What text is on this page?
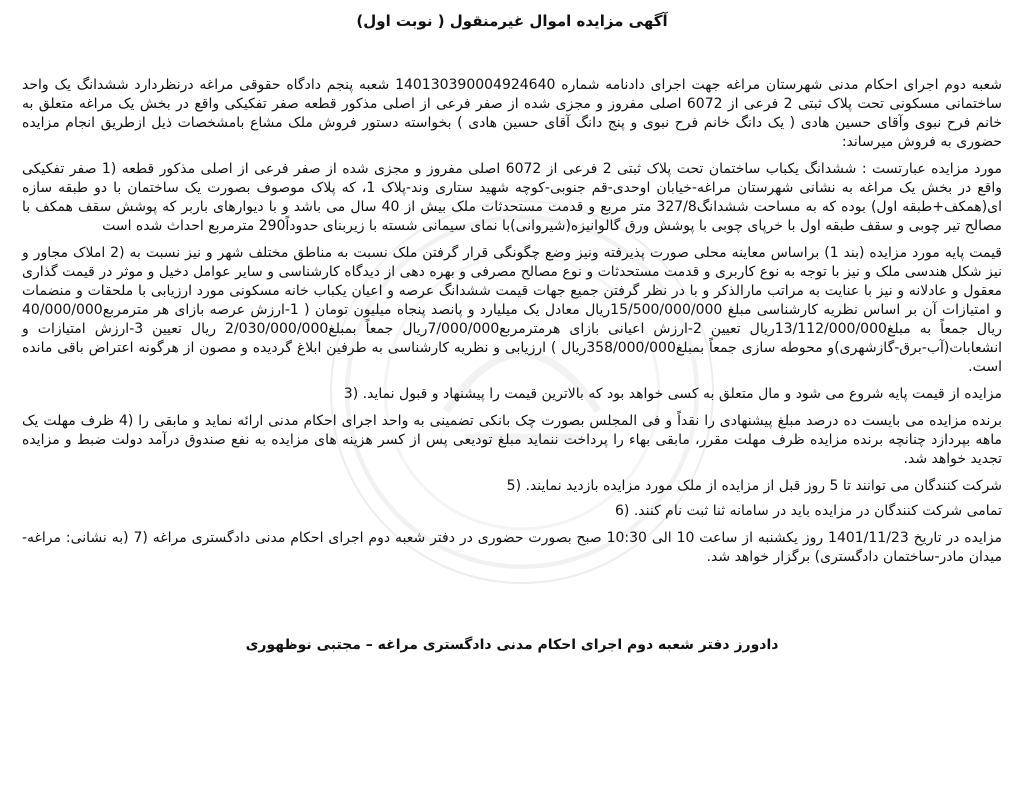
آگهی مزایده اموال غیرمنقول ( نوبت اول)

شعبه دوم اجرای احکام مدنی شهرستان مراغه جهت اجرای دادنامه شماره 140130390004924640 شعبه پنجم دادگاه حقوقی مراغه درنظردارد ششدانگ یک واحد ساختمانی مسکونی تحت پلاک ثبتی 2 فرعی از 6072 اصلی مفروز و مجزی شده از صفر فرعی از اصلی مذکور قطعه صفر تفکیکی واقع در بخش یک مراغه متعلق به خانم فرح نبوی وآقای حسین هادی ( یک دانگ خانم فرح نبوی و پنج دانگ آقای حسین هادی ) بخواسته دستور فروش ملک مشاع بامشخصات ذیل ازطریق انجام مزایده حضوری به فروش میرساند:

مورد مزایده عبارتست : ششدانگ یکباب ساختمان تحت پلاک ثبتی 2 فرعی از 6072 اصلی مفروز و مجزی شده از صفر فرعی از اصلی مذکور قطعه (1 صفر تفکیکی واقع در بخش یک مراغه به نشانی شهرستان مراغه-خیابان اوحدی-قم جنوبی-کوچه شهید ستاری وند-پلاک 1، که پلاک موصوف بصورت یک ساختمان با دو طبقه سازه ای(همکف+طبقه اول) بوده که به مساحت ششدانگ327/8 متر مربع و قدمت مستحدثات ملک بیش از 40 سال می باشد و با دیوارهای باربر که پوشش سقف همکف با مصالح تیر چوبی و سقف طبقه اول با خرپای چوبی با پوشش ورق گالوانیزه(شیروانی)با نمای سیمانی شسته با زیربنای حدوداً290 مترمربع احداث شده است

قیمت پایه مورد مزایده (بند 1) براساس معاینه محلی صورت پذیرفته ونیز وضع چگونگی قرار گرفتن ملک نسبت به مناطق مختلف شهر و نیز نسبت به (2 املاک مجاور و نیز شکل هندسی ملک و نیز با توجه به نوع کاربری و قدمت مستحدثات و نوع مصالح مصرفی و بهره دهی از دیدگاه کارشناسی و سایر عوامل دخیل و موثر در قیمت گذاری معقول و عادلانه و نیز با عنایت به مراتب مارالذکر و با در نظر گرفتن جمیع جهات قیمت ششدانگ عرصه و اعیان یکباب خانه مسکونی مورد ارزیابی با ملحقات و منضمات و امتیازات آن بر اساس نظریه کارشناسی مبلغ 15/500/000/000ریال معادل یک میلیارد و پانصد پنجاه میلیون تومان ( 1-ارزش عرصه بازای هر مترمربع40/000/000 ریال جمعاً به مبلغ13/112/000/000ریال تعیین 2-ارزش اعیانی بازای هرمترمربع7/000/000ریال جمعاً بمبلغ2/030/000/000 ریال تعیین 3-ارزش امتیازات و انشعابات(آب-برق-گازشهری)و محوطه سازی جمعاً بمبلغ358/000/000ریال ) ارزیابی و نظریه کارشناسی به طرفین ابلاغ گردیده و مصون از هرگونه اعتراض باقی مانده است.

مزایده از قیمت پایه شروع می شود و مال متعلق به کسی خواهد بود که بالاترین قیمت را پیشنهاد و قبول نماید. (3

برنده مزایده می بایست ده درصد مبلغ پیشنهادی را نقداً و فی المجلس بصورت چک بانکی تضمینی به واحد اجرای احکام مدنی ارائه نماید و مابقی را (4 ظرف مهلت یک ماهه بپردازد چنانچه برنده مزایده ظرف مهلت مقرر، مابقی بهاء را پرداخت ننماید مبلغ تودیعی پس از کسر هزینه های مزایده به نفع صندوق درآمد دولت ضبط و مزایده تجدید خواهد شد.

شرکت کنندگان می توانند تا 5 روز قبل از مزایده از ملک مورد مزایده بازدید نمایند. (5

تمامی شرکت کنندگان در مزایده باید در سامانه ثنا ثبت نام کنند. (6

مزایده در تاریخ 1401/11/23 روز یکشنبه از ساعت 10 الی 10:30 صبح بصورت حضوری در دفتر شعبه دوم اجرای احکام مدنی دادگستری مراغه (7 (به نشانی: مراغه-میدان مادر-ساختمان دادگستری) برگزار خواهد شد.

دادورز دفتر شعبه دوم اجرای احکام مدنی دادگستری مراغه – مجتبی نوظهوری
